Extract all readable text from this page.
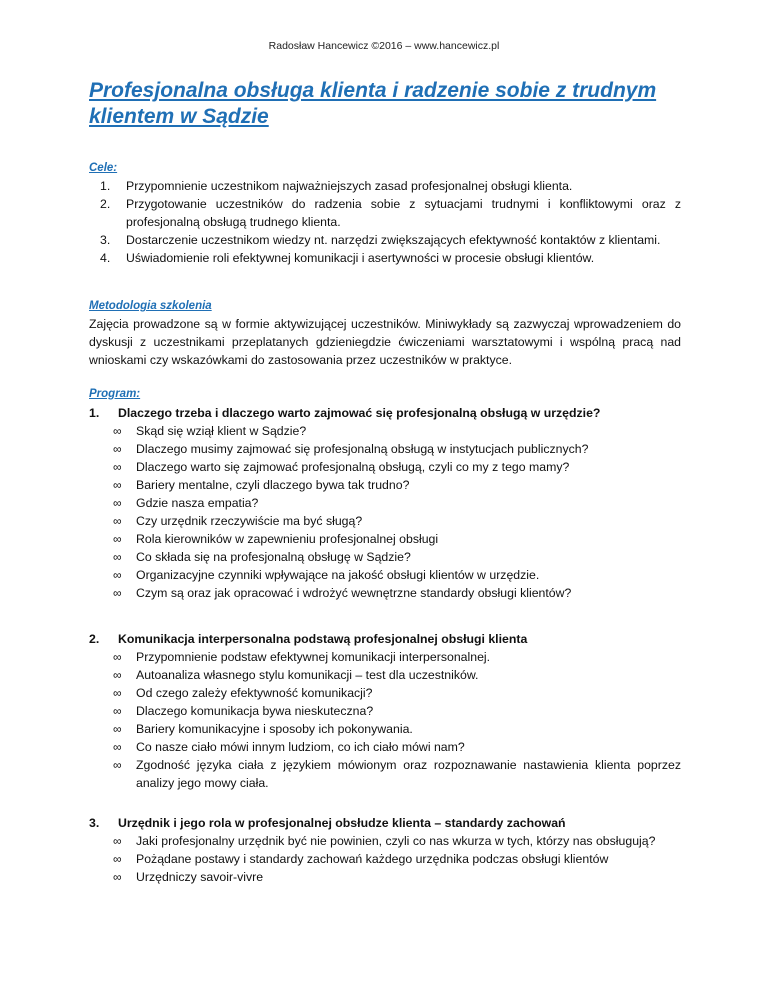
Radosław Hancewicz ©2016 – www.hancewicz.pl
Profesjonalna obsługa klienta i radzenie sobie z trudnym klientem w Sądzie
Cele:
1. Przypomnienie uczestnikom najważniejszych zasad profesjonalnej obsługi klienta.
2. Przygotowanie uczestników do radzenia sobie z sytuacjami trudnymi i konfliktowymi oraz z profesjonalną obsługą trudnego klienta.
3. Dostarczenie uczestnikom wiedzy nt. narzędzi zwiększających efektywność kontaktów z klientami.
4. Uświadomienie roli efektywnej komunikacji i asertywności w procesie obsługi klientów.
Metodologia szkolenia
Zajęcia prowadzone są w formie aktywizującej uczestników. Miniwykłady są zazwyczaj wprowadzeniem do dyskusji z uczestnikami przeplatanych gdzieniegdzie ćwiczeniami warsztatowymi i wspólną pracą nad wnioskami czy wskazówkami do zastosowania przez uczestników w praktyce.
Program:
1. Dlaczego trzeba i dlaczego warto zajmować się profesjonalną obsługą w urzędzie?
∞ Skąd się wziął klient w Sądzie?
∞ Dlaczego musimy zajmować się profesjonalną obsługą w instytucjach publicznych?
∞ Dlaczego warto się zajmować profesjonalną obsługą, czyli co my z tego mamy?
∞ Bariery mentalne, czyli dlaczego bywa tak trudno?
∞ Gdzie nasza empatia?
∞ Czy urzędnik rzeczywiście ma być sługą?
∞ Rola kierowników w zapewnieniu profesjonalnej obsługi
∞ Co składa się na profesjonalną obsługę w Sądzie?
∞ Organizacyjne czynniki wpływające na jakość obsługi klientów w urzędzie.
∞ Czym są oraz jak opracować i wdrożyć wewnętrzne standardy obsługi klientów?
2. Komunikacja interpersonalna podstawą profesjonalnej obsługi klienta
∞ Przypomnienie podstaw efektywnej komunikacji interpersonalnej.
∞ Autoanaliza własnego stylu komunikacji – test dla uczestników.
∞ Od czego zależy efektywność komunikacji?
∞ Dlaczego komunikacja bywa nieskuteczna?
∞ Bariery komunikacyjne i sposoby ich pokonywania.
∞ Co nasze ciało mówi innym ludziom, co ich ciało mówi nam?
∞ Zgodność języka ciała z językiem mówionym oraz rozpoznawanie nastawienia klienta poprzez analizy jego mowy ciała.
3. Urzędnik i jego rola w profesjonalnej obsłudze klienta – standardy zachowań
∞ Jaki profesjonalny urzędnik być nie powinien, czyli co nas wkurza w tych, którzy nas obsługują?
∞ Pożądane postawy i standardy zachowań każdego urzędnika podczas obsługi klientów
∞ Urzędniczy savoir-vivre
